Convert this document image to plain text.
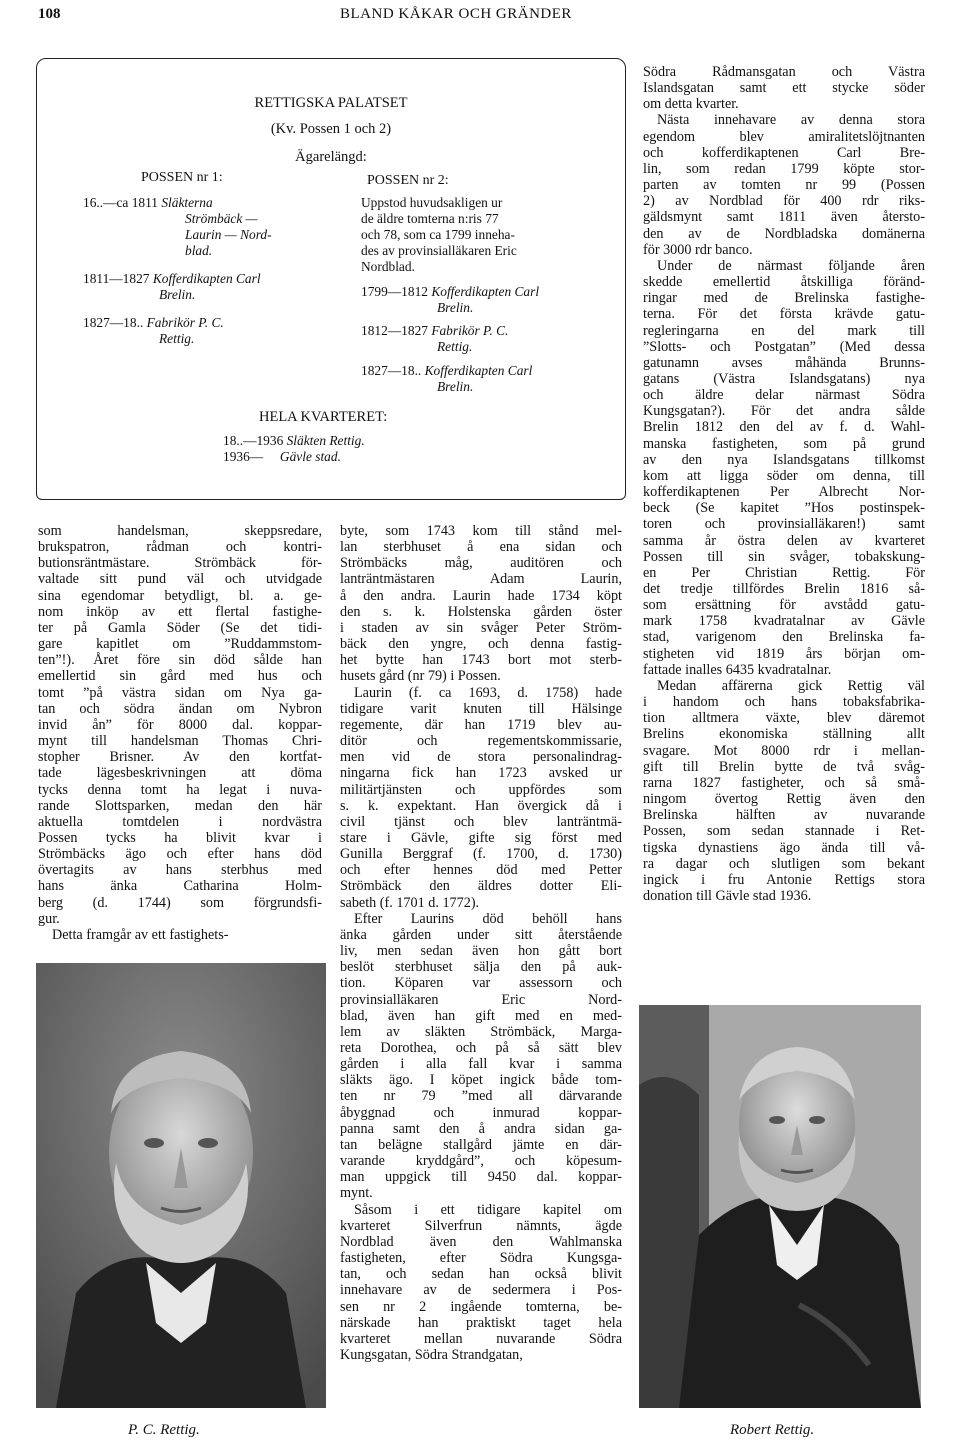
108	BLAND KÅKAR OCH GRÄNDER
RETTIGSKA PALATSET
(Kv. Possen 1 och 2)
Ägarelängd:
POSSEN nr 1:	POSSEN nr 2:
16..—ca 1811 Släkterna
Strömbäck —
Laurin — Nord-
blad.
1811—1827 Kofferdikapten Carl
Brelin.
1827—18.. Fabrikör P. C.
Rettig.
Uppstod huvudsakligen ur
de äldre tomterna n:ris 77
och 78, som ca 1799 inneha-
des av provinsialläkaren Eric
Nordblad.
1799—1812 Kofferdikapten Carl
Brelin.
1812—1827 Fabrikör P. C.
Rettig.
1827—18.. Kofferdikapten Carl
Brelin.
HELA KVARTERET:
18..—1936 Släkten Rettig.
1936—     Gävle stad.
som handelsman, skeppsredare,
brukspatron, rådman och kontri-
butionsräntmästare. Strömbäck för-
valtade sitt pund väl och utvidgade
sina egendomar betydligt, bl. a. ge-
nom inköp av ett flertal fastighe-
ter på Gamla Söder (Se det tidi-
gare kapitlet om ”Ruddammstom-
ten”!). Året före sin död sålde han
emellertid sin gård med hus och
tomt ”på västra sidan om Nya ga-
tan och södra ändan om Nybron
invid ån” för 8000 dal. koppar-
mynt till handelsman Thomas Chri-
stopher Brisner. Av den kortfat-
tade lägesbeskrivningen att döma
tycks denna tomt ha legat i nuva-
rande Slottsparken, medan den här
aktuella tomtdelen i nordvästra
Possen tycks ha blivit kvar i
Strömbäcks ägo och efter hans död
övertagits av hans sterbhus med
hans änka Catharina Holm-
berg (d. 1744) som förgrundsfi-
gur.
Detta framgår av ett fastighets-
byte, som 1743 kom till stånd mel-
lan sterbhuset å ena sidan och
Strömbäcks måg, auditören och
lanträntmästaren Adam Laurin,
å den andra. Laurin hade 1734 köpt
den s. k. Holstenska gården öster
i staden av sin svåger Peter Ström-
bäck den yngre, och denna fastig-
het bytte han 1743 bort mot sterb-
husets gård (nr 79) i Possen.
Laurin (f. ca 1693, d. 1758) hade
tidigare varit knuten till Hälsinge
regemente, där han 1719 blev au-
ditör och regementskommissarie,
men vid de stora personalindrag-
ningarna fick han 1723 avsked ur
militärtjänsten och uppfördes som
s. k. expektant. Han övergick då i
civil tjänst och blev lanträntmä-
stare i Gävle, gifte sig först med
Gunilla Berggraf (f. 1700, d. 1730)
och efter hennes död med Petter
Strömbäck den äldres dotter Eli-
sabeth (f. 1701 d. 1772).
Efter Laurins död behöll hans
änka gården under sitt återstående
liv, men sedan även hon gått bort
beslöt sterbhuset sälja den på auk-
tion. Köparen var assessorn och
provinsialläkaren Eric Nord-
blad, även han gift med en med-
lem av släkten Strömbäck, Marga-
reta Dorothea, och på så sätt blev
gården i alla fall kvar i samma
släkts ägo. I köpet ingick både tom-
ten nr 79 ”med all därvarande
åbyggnad och inmurad koppar-
panna samt den å andra sidan ga-
tan belägne stallgård jämte en där-
varande kryddgård”, och köpesum-
man uppgick till 9450 dal. koppar-
mynt.
Såsom i ett tidigare kapitel om
kvarteret Silverfrun nämnts, ägde
Nordblad även den Wahlmanska
fastigheten, efter Södra Kungsga-
tan, och sedan han också blivit
innehavare av de sedermera i Pos-
sen nr 2 ingående tomterna, be-
närskade han praktiskt taget hela
kvarteret mellan nuvarande Södra
Kungsgatan, Södra Strandgatan,
Södra Rådmansgatan och Västra
Islandsgatan samt ett stycke söder
om detta kvarter.
Nästa innehavare av denna stora
egendom blev amiralitetslöjtnanten
och kofferdikaptenen Carl Bre-
lin, som redan 1799 köpte stor-
parten av tomten nr 99 (Possen
2) av Nordblad för 400 rdr riks-
gäldsmynt samt 1811 även återsto-
den av de Nordbladska domänerna
för 3000 rdr banco.
Under de närmast följande åren
skedde emellertid åtskilliga föränd-
ringar med de Brelinska fastighe-
terna. För det första krävde gatu-
regleringarna en del mark till
”Slotts- och Postgatan” (Med dessa
gatunamn avses måhända Brunns-
gatans (Västra Islandsgatans) nya
och äldre delar närmast Södra
Kungsgatan?). För det andra sålde
Brelin 1812 den del av f. d. Wahl-
manska fastigheten, som på grund
av den nya Islandsgatans tillkomst
kom att ligga söder om denna, till
kofferdikaptenen Per Albrecht Nor-
beck (Se kapitet ”Hos postinspek-
toren och provinsialläkaren!) samt
samma år östra delen av kvarteret
Possen till sin svåger, tobakskung-
en Per Christian Rettig. För
det tredje tillfördes Brelin 1816 så-
som ersättning för avstådd gatu-
mark 1758 kvadratalnar av Gävle
stad, varigenom den Brelinska fa-
stigheten vid 1819 års början om-
fattade inalles 6435 kvadratalnar.
Medan affärerna gick Rettig väl
i handom och hans tobaksfabrika-
tion alltmera växte, blev däremot
Brelins ekonomiska ställning allt
svagare. Mot 8000 rdr i mellan-
gift till Brelin bytte de två svåg-
rarna 1827 fastigheter, och så små-
ningom övertog Rettig även den
Brelinska hälften av nuvarande
Possen, som sedan stannade i Ret-
tigska dynastiens ägo ända till vå-
ra dagar och slutligen som bekant
ingick i fru Antonie Rettigs stora
donation till Gävle stad 1936.
P. C. Rettig.	Robert Rettig.
